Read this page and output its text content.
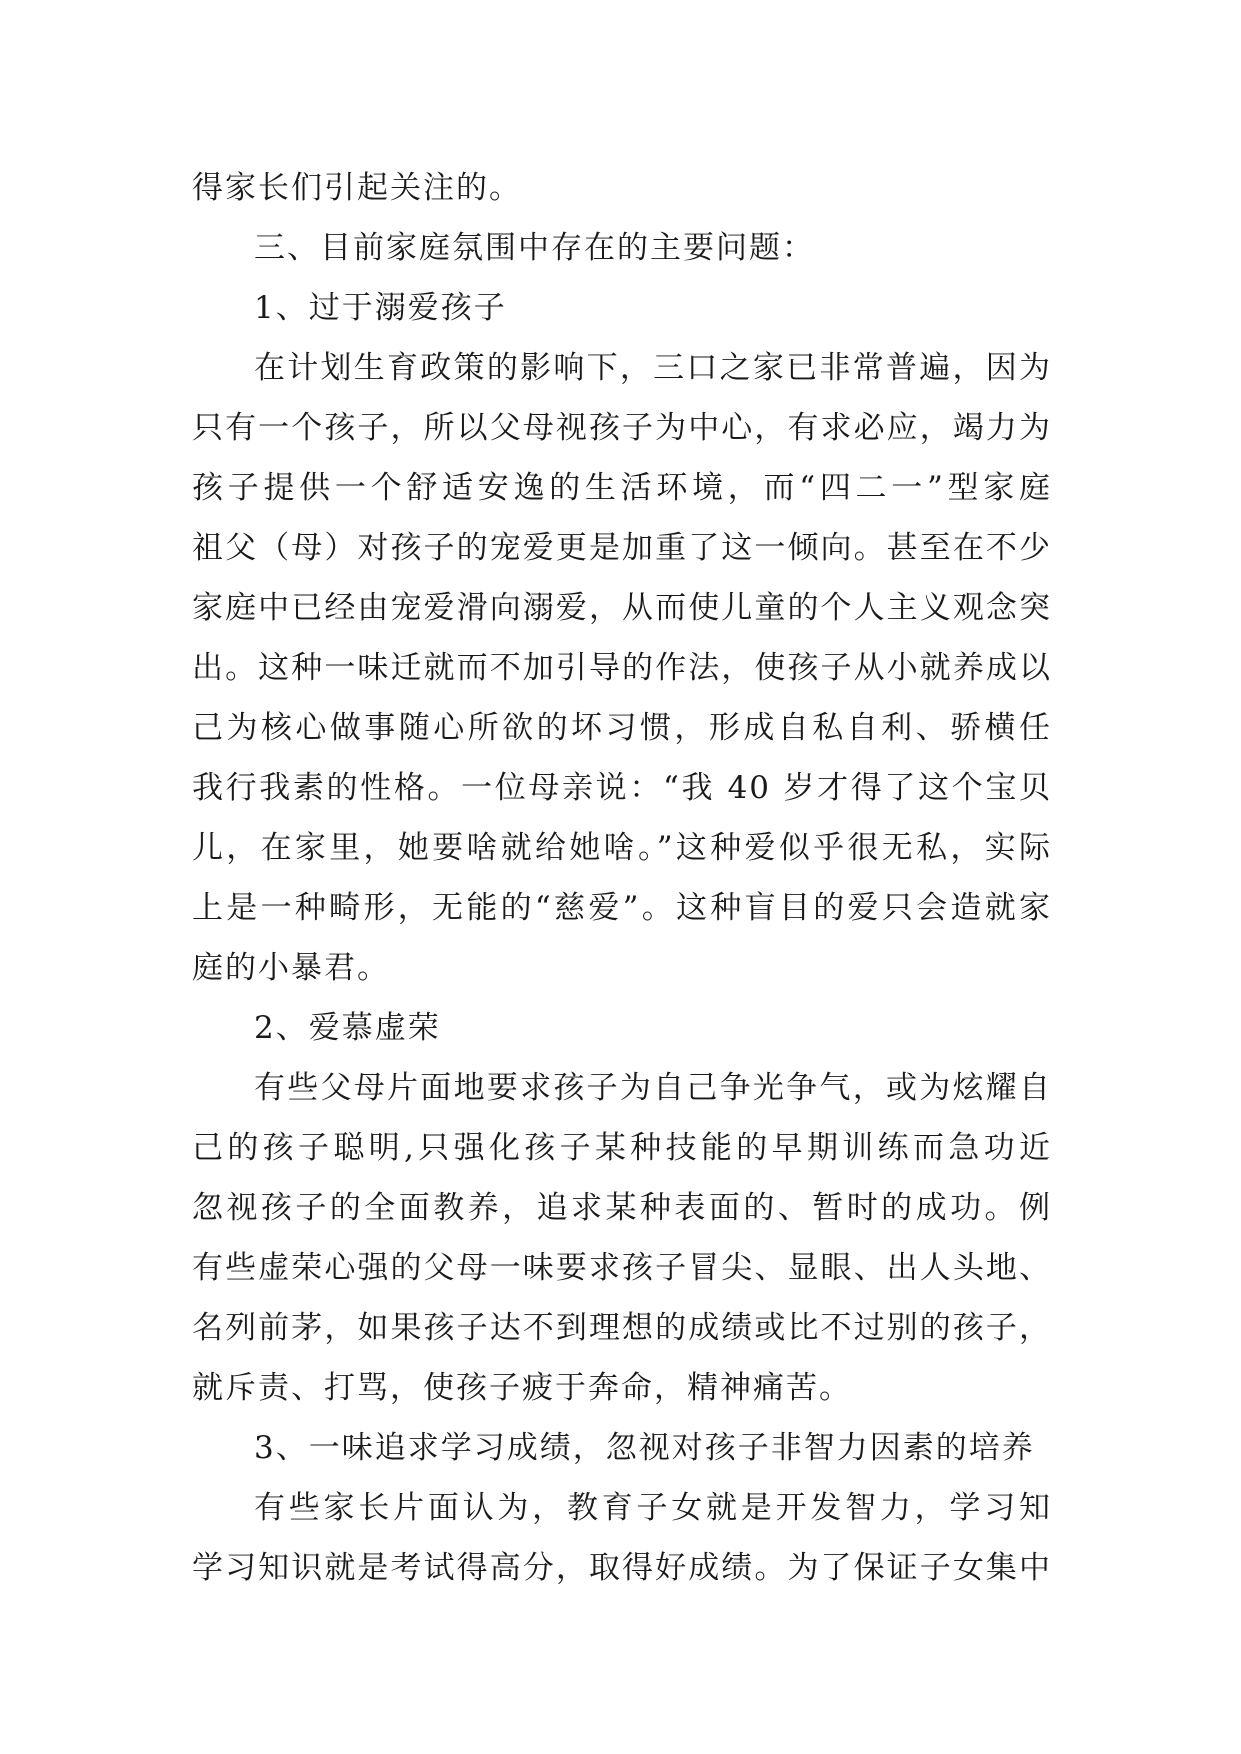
得家长们引起关注的。
三、目前家庭氛围中存在的主要问题：
1、过于溺爱孩子
在计划生育政策的影响下，三口之家已非常普遍，因为
只有一个孩子，所以父母视孩子为中心，有求必应，竭力为
孩子提供一个舒适安逸的生活环境，而“四二一”型家庭
祖父（母）对孩子的宠爱更是加重了这一倾向。甚至在不少
家庭中已经由宠爱滑向溺爱，从而使儿童的个人主义观念突
出。这种一味迁就而不加引导的作法，使孩子从小就养成以
己为核心做事随心所欲的坏习惯，形成自私自利、骄横任
我行我素的性格。一位母亲说：“我 40 岁才得了这个宝贝
儿，在家里，她要啥就给她啥。”这种爱似乎很无私，实际
上是一种畸形，无能的“慈爱”。这种盲目的爱只会造就家
庭的小暴君。
2、爱慕虚荣
有些父母片面地要求孩子为自己争光争气，或为炫耀自
己的孩子聪明,只强化孩子某种技能的早期训练而急功近
忽视孩子的全面教养，追求某种表面的、暂时的成功。例
有些虚荣心强的父母一味要求孩子冒尖、显眼、出人头地、
名列前茅，如果孩子达不到理想的成绩或比不过别的孩子，
就斥责、打骂，使孩子疲于奔命，精神痛苦。
3、一味追求学习成绩，忽视对孩子非智力因素的培养
有些家长片面认为，教育子女就是开发智力，学习知
学习知识就是考试得高分，取得好成绩。为了保证子女集中
